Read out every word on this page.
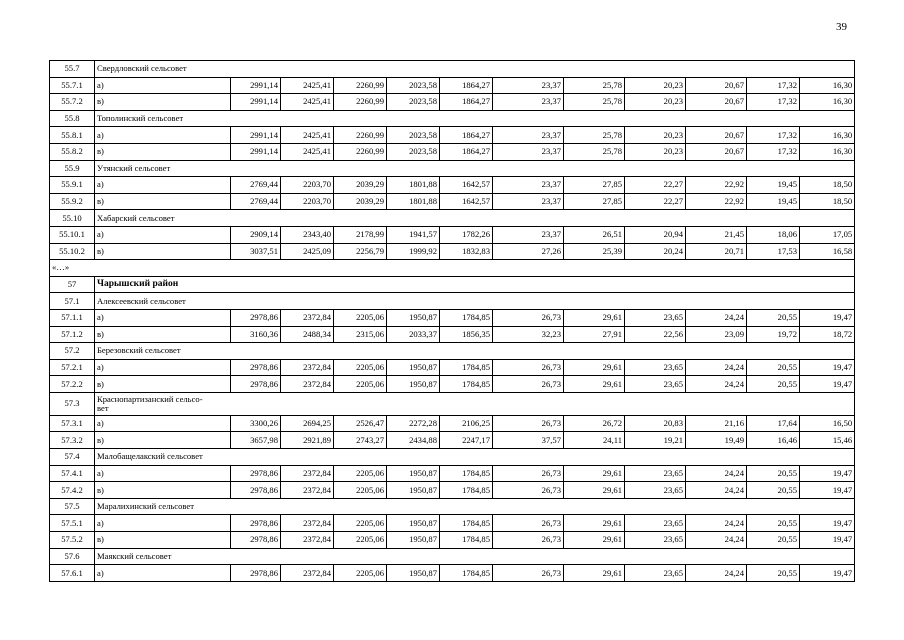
39
55.7	Свердловский сельсовет											
55.7.1	а)	2991,14	2425,41	2260,99	2023,58	1864,27	23,37	25,78	20,23	20,67	17,32	16,30
55.7.2	в)	2991,14	2425,41	2260,99	2023,58	1864,27	23,37	25,78	20,23	20,67	17,32	16,30
55.8	Тополинский сельсовет											
55.8.1	а)	2991,14	2425,41	2260,99	2023,58	1864,27	23,37	25,78	20,23	20,67	17,32	16,30
55.8.2	в)	2991,14	2425,41	2260,99	2023,58	1864,27	23,37	25,78	20,23	20,67	17,32	16,30
55.9	Утянский сельсовет											
55.9.1	а)	2769,44	2203,70	2039,29	1801,88	1642,57	23,37	27,85	22,27	22,92	19,45	18,50
55.9.2	в)	2769,44	2203,70	2039,29	1801,88	1642,57	23,37	27,85	22,27	22,92	19,45	18,50
55.10	Хабарский сельсовет											
55.10.1	а)	2909,14	2343,40	2178,99	1941,57	1782,26	23,37	26,51	20,94	21,45	18,06	17,05
55.10.2	в)	3037,51	2425,09	2256,79	1999,92	1832,83	27,26	25,39	20,24	20,71	17,53	16,58
«…»												
57	Чарышский район											
57.1	Алексеевский сельсовет											
57.1.1	а)	2978,86	2372,84	2205,06	1950,87	1784,85	26,73	29,61	23,65	24,24	20,55	19,47
57.1.2	в)	3160,36	2488,34	2315,06	2033,37	1856,35	32,23	27,91	22,56	23,09	19,72	18,72
57.2	Березовский сельсовет											
57.2.1	а)	2978,86	2372,84	2205,06	1950,87	1784,85	26,73	29,61	23,65	24,24	20,55	19,47
57.2.2	в)	2978,86	2372,84	2205,06	1950,87	1784,85	26,73	29,61	23,65	24,24	20,55	19,47
57.3	Краснопартизанский сельсо-
вет											
57.3.1	а)	3300,26	2694,25	2526,47	2272,28	2106,25	26,73	26,72	20,83	21,16	17,64	16,50
57.3.2	в)	3657,98	2921,89	2743,27	2434,88	2247,17	37,57	24,11	19,21	19,49	16,46	15,46
57.4	Малобащелакский сельсовет											
57.4.1	а)	2978,86	2372,84	2205,06	1950,87	1784,85	26,73	29,61	23,65	24,24	20,55	19,47
57.4.2	в)	2978,86	2372,84	2205,06	1950,87	1784,85	26,73	29,61	23,65	24,24	20,55	19,47
57.5	Маралихинский сельсовет											
57.5.1	а)	2978,86	2372,84	2205,06	1950,87	1784,85	26,73	29,61	23,65	24,24	20,55	19,47
57.5.2	в)	2978,86	2372,84	2205,06	1950,87	1784,85	26,73	29,61	23,65	24,24	20,55	19,47
57.6	Маякский сельсовет											
57.6.1	а)	2978,86	2372,84	2205,06	1950,87	1784,85	26,73	29,61	23,65	24,24	20,55	19,47
